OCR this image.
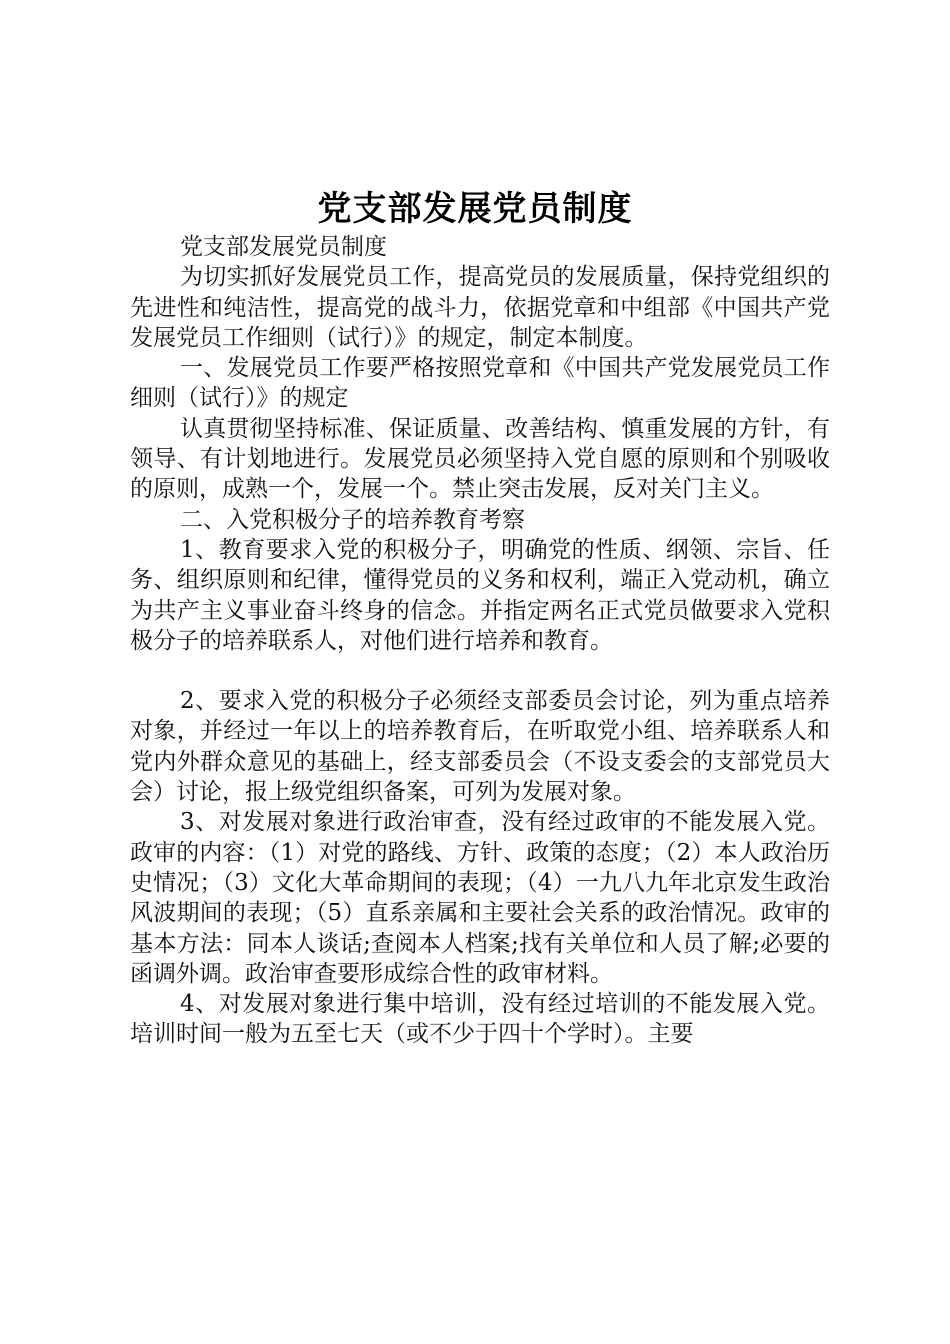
党支部发展党员制度

党支部发展党员制度

为切实抓好发展党员工作，提高党员的发展质量，保持党组织的先进性和纯洁性，提高党的战斗力，依据党章和中组部《中国共产党发展党员工作细则（试行）》的规定，制定本制度。

一、发展党员工作要严格按照党章和《中国共产党发展党员工作细则（试行）》的规定

认真贯彻坚持标准、保证质量、改善结构、慎重发展的方针，有领导、有计划地进行。发展党员必须坚持入党自愿的原则和个别吸收的原则，成熟一个，发展一个。禁止突击发展，反对关门主义。

二、入党积极分子的培养教育考察

1、教育要求入党的积极分子，明确党的性质、纲领、宗旨、任务、组织原则和纪律，懂得党员的义务和权利，端正入党动机，确立为共产主义事业奋斗终身的信念。并指定两名正式党员做要求入党积极分子的培养联系人，对他们进行培养和教育。

2、要求入党的积极分子必须经支部委员会讨论，列为重点培养对象，并经过一年以上的培养教育后，在听取党小组、培养联系人和党内外群众意见的基础上，经支部委员会（不设支委会的支部党员大会）讨论，报上级党组织备案，可列为发展对象。

3、对发展对象进行政治审查，没有经过政审的不能发展入党。政审的内容：（1）对党的路线、方针、政策的态度；（2）本人政治历史情况；（3）文化大革命期间的表现；（4）一九八九年北京发生政治风波期间的表现；（5）直系亲属和主要社会关系的政治情况。政审的基本方法：同本人谈话;查阅本人档案;找有关单位和人员了解;必要的函调外调。政治审查要形成综合性的政审材料。

4、对发展对象进行集中培训，没有经过培训的不能发展入党。培训时间一般为五至七天（或不少于四十个学时）。主要
